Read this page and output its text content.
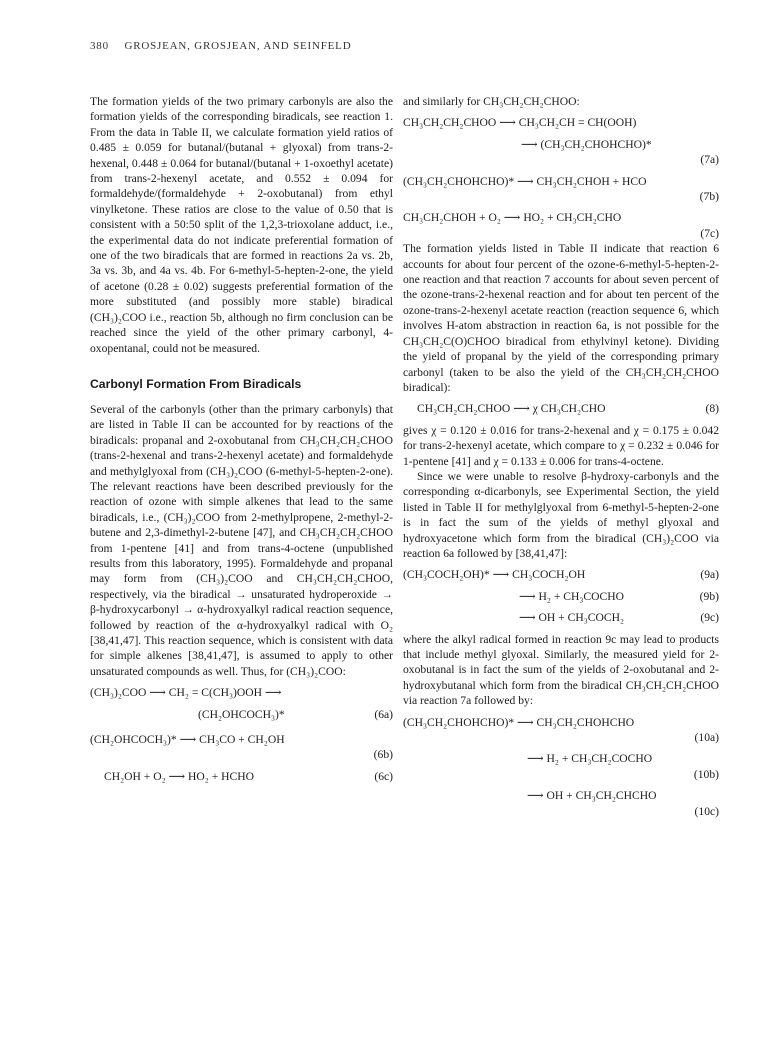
380 GROSJEAN, GROSJEAN, AND SEINFELD

The formation yields of the two primary carbonyls are also the formation yields of the corresponding biradicals, see reaction 1. From the data in Table II, we calculate formation yield ratios of 0.485 ± 0.059 for butanal/(butanal + glyoxal) from trans-2-hexenal, 0.448 ± 0.064 for butanal/(butanal + 1-oxoethyl acetate) from trans-2-hexenyl acetate, and 0.552 ± 0.094 for formaldehyde/(formaldehyde + 2-oxobutanal) from ethyl vinylketone. These ratios are close to the value of 0.50 that is consistent with a 50:50 split of the 1,2,3-trioxolane adduct, i.e., the experimental data do not indicate preferential formation of one of the two biradicals that are formed in reactions 2a vs. 2b, 3a vs. 3b, and 4a vs. 4b. For 6-methyl-5-hepten-2-one, the yield of acetone (0.28 ± 0.02) suggests preferential formation of the more substituted (and possibly more stable) biradical (CH₃)₂COO i.e., reaction 5b, although no firm conclusion can be reached since the yield of the other primary carbonyl, 4-oxopentanal, could not be measured.

Carbonyl Formation From Biradicals

Several of the carbonyls (other than the primary carbonyls) that are listed in Table II can be accounted for by reactions of the biradicals: propanal and 2-oxobutanal from CH₃CH₂CH₂CHOO (trans-2-hexenal and trans-2-hexenyl acetate) and formaldehyde and methylglyoxal from (CH₃)₂COO (6-methyl-5-hepten-2-one). The relevant reactions have been described previously for the reaction of ozone with simple alkenes that lead to the same biradicals, i.e., (CH₃)₂COO from 2-methylpropene, 2-methyl-2-butene and 2,3-dimethyl-2-butene [47], and CH₃CH₂CH₂CHOO from 1-pentene [41] and from trans-4-octene (unpublished results from this laboratory, 1995). Formaldehyde and propanal may form from (CH₃)₂COO and CH₃CH₂CH₂CHOO, respectively, via the biradical → unsaturated hydroperoxide → β-hydroxycarbonyl → α-hydroxyalkyl radical reaction sequence, followed by reaction of the α-hydroxyalkyl radical with O₂ [38,41,47]. This reaction sequence, which is consistent with data for simple alkenes [38,41,47], is assumed to apply to other unsaturated compounds as well. Thus, for (CH₃)₂COO:

(CH₃)₂COO ⟶ CH₂ = C(CH₃)OOH ⟶
(CH₂OHCOCH₃)*	(6a)
(CH₂OHCOCH₃)* ⟶ CH₃CO + CH₂OH
(6b)
CH₂OH + O₂ ⟶ HO₂ + HCHO	(6c)

and similarly for CH₃CH₂CH₂CHOO:

CH₃CH₂CH₂CHOO ⟶ CH₃CH₂CH = CH(OOH)
⟶ (CH₃CH₂CHOHCHO)*
(7a)
(CH₃CH₂CHOHCHO)* ⟶ CH₃CH₂CHOH + HCO
(7b)
CH₃CH₂CHOH + O₂ ⟶ HO₂ + CH₃CH₂CHO
(7c)

The formation yields listed in Table II indicate that reaction 6 accounts for about four percent of the ozone-6-methyl-5-hepten-2-one reaction and that reaction 7 accounts for about seven percent of the ozone-trans-2-hexenal reaction and for about ten percent of the ozone-trans-2-hexenyl acetate reaction (reaction sequence 6, which involves H-atom abstraction in reaction 6a, is not possible for the CH₃CH₂C(O)CHOO biradical from ethylvinyl ketone). Dividing the yield of propanal by the yield of the corresponding primary carbonyl (taken to be also the yield of the CH₃CH₂CH₂CHOO biradical):

CH₃CH₂CH₂CHOO ⟶ χ CH₃CH₂CHO	(8)

gives χ = 0.120 ± 0.016 for trans-2-hexenal and χ = 0.175 ± 0.042 for trans-2-hexenyl acetate, which compare to χ = 0.232 ± 0.046 for 1-pentene [41] and χ = 0.133 ± 0.006 for trans-4-octene.

Since we were unable to resolve β-hydroxy-carbonyls and the corresponding α-dicarbonyls, see Experimental Section, the yield listed in Table II for methylglyoxal from 6-methyl-5-hepten-2-one is in fact the sum of the yields of methyl glyoxal and hydroxyacetone which form from the biradical (CH₃)₂COO via reaction 6a followed by [38,41,47]:

(CH₃COCH₂OH)* ⟶ CH₃COCH₂OH	(9a)
⟶ H₂ + CH₃COCHO	(9b)
⟶ OH + CH₃COCH₂	(9c)

where the alkyl radical formed in reaction 9c may lead to products that include methyl glyoxal. Similarly, the measured yield for 2-oxobutanal is in fact the sum of the yields of 2-oxobutanal and 2-hydroxybutanal which form from the biradical CH₃CH₂CH₂CHOO via reaction 7a followed by:

(CH₃CH₂CHOHCHO)* ⟶ CH₃CH₂CHOHCHO
(10a)
⟶ H₂ + CH₃CH₂COCHO
(10b)
⟶ OH + CH₃CH₂CHCHO
(10c)
